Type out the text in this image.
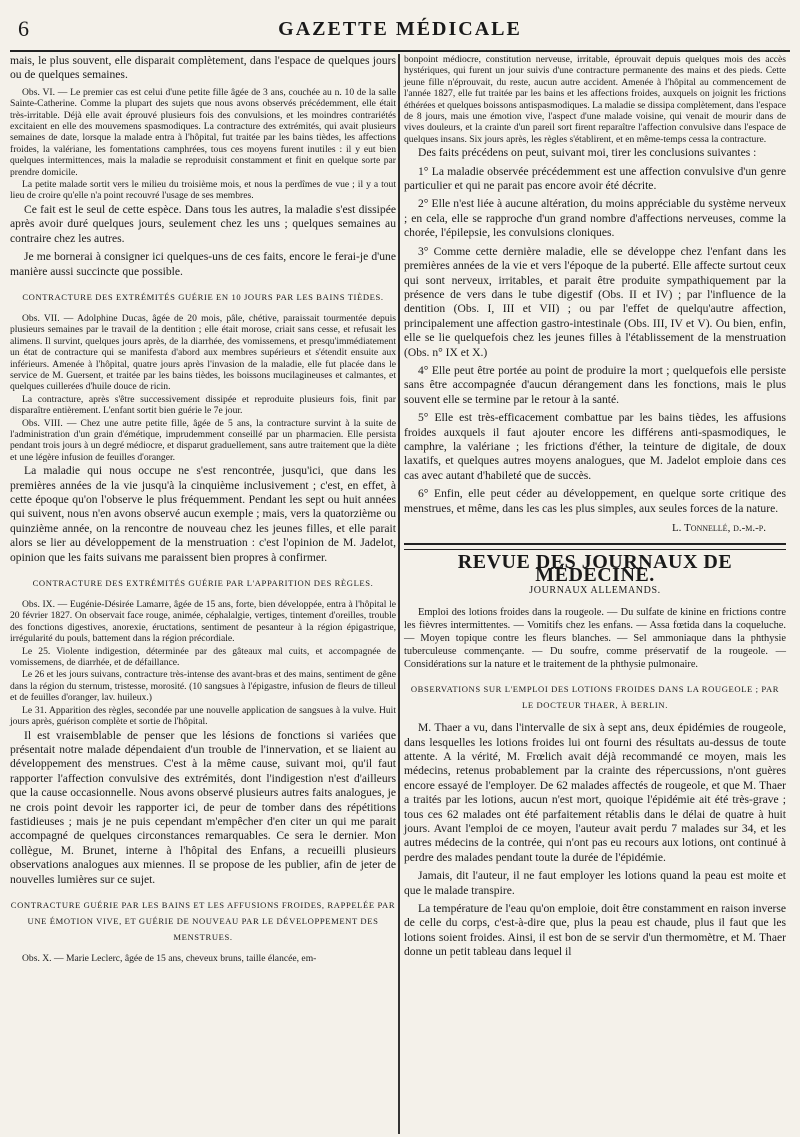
6	GAZETTE MÉDICALE

mais, le plus souvent, elle disparait complètement, dans l'espace de quelques jours ou de quelques semaines.

Obs. VI. — Le premier cas est celui d'une petite fille âgée de 3 ans, couchée au n. 10 de la salle Sainte-Catherine. Comme la plupart des sujets que nous avons observés précédemment, elle était très-irritable. Déjà elle avait éprouvé plusieurs fois des convulsions, et les moindres contrariétés excitaient en elle des mouvemens spasmodiques. La contracture des extrémités, qui avait plusieurs semaines de date, lorsque la malade entra à l'hôpital, fut traitée par les bains tièdes, les affections froides, la valériane, les fomentations camphrées, tous ces moyens furent inutiles : il y eut bien quelques intermittences, mais la maladie se reproduisit constamment et finit en quelque sorte par prendre domicile.

La petite malade sortit vers le milieu du troisième mois, et nous la perdîmes de vue ; il y a tout lieu de croire qu'elle n'a point recouvré l'usage de ses membres.

Ce fait est le seul de cette espèce. Dans tous les autres, la maladie s'est dissipée après avoir duré quelques jours, seulement chez les uns ; quelques semaines au contraire chez les autres.

Je me bornerai à consigner ici quelques-uns de ces faits, encore le ferai-je d'une manière aussi succincte que possible.

CONTRACTURE DES EXTRÉMITÉS GUÉRIE EN 10 JOURS PAR LES BAINS TIÈDES.

Obs. VII. — Adolphine Ducas, âgée de 20 mois, pâle, chétive, paraissait tourmentée depuis plusieurs semaines par le travail de la dentition ; elle était morose, criait sans cesse, et refusait les alimens. Il survint, quelques jours après, de la diarrhée, des vomissemens, et presqu'immédiatement un état de contracture qui se manifesta d'abord aux membres supérieurs et s'étendit ensuite aux inférieurs. Amenée à l'hôpital, quatre jours après l'invasion de la maladie, elle fut placée dans le service de M. Guersent, et traitée par les bains tièdes, les boissons mucilagineuses et calmantes, et quelques cuillerées d'huile douce de ricin.

La contracture, après s'être successivement dissipée et reproduite plusieurs fois, finit par disparaître entièrement. L'enfant sortit bien guérie le 7e jour.

Obs. VIII. — Chez une autre petite fille, âgée de 5 ans, la contracture survint à la suite de l'administration d'un grain d'émétique, imprudemment conseillé par un pharmacien. Elle persista pendant trois jours à un degré médiocre, et disparut graduellement, sans autre traitement que la diète et une légère infusion de feuilles d'oranger.

La maladie qui nous occupe ne s'est rencontrée, jusqu'ici, que dans les premières années de la vie jusqu'à la cinquième inclusivement ; c'est, en effet, à cette époque qu'on l'observe le plus fréquemment. Pendant les sept ou huit années qui suivent, nous n'en avons observé aucun exemple ; mais, vers la quatorzième ou quinzième année, on la rencontre de nouveau chez les jeunes filles, et elle parait alors se lier au développement de la menstruation : c'est l'opinion de M. Jadelot, opinion que les faits suivans me paraissent bien propres à confirmer.

CONTRACTURE DES EXTRÉMITÉS GUÉRIE PAR L'APPARITION DES RÈGLES.

Obs. IX. — Eugénie-Désirée Lamarre, âgée de 15 ans, forte, bien développée, entra à l'hôpital le 20 février 1827. On observait face rouge, animée, céphalalgie, vertiges, tintement d'oreilles, trouble des fonctions digestives, anorexie, éructations, sentiment de pesanteur à la région épigastrique, irrégularité du pouls, battement dans la région précordiale.

Le 25. Violente indigestion, déterminée par des gâteaux mal cuits, et accompagnée de vomissemens, de diarrhée, et de défaillance.

Le 26 et les jours suivans, contracture très-intense des avant-bras et des mains, sentiment de gêne dans la région du sternum, tristesse, morosité. (10 sangsues à l'épigastre, infusion de fleurs de tilleul et de feuilles d'oranger, lav. huileux.)

Le 31. Apparition des règles, secondée par une nouvelle application de sangsues à la vulve. Huit jours après, guérison complète et sortie de l'hôpital.

Il est vraisemblable de penser que les lésions de fonctions si variées que présentait notre malade dépendaient d'un trouble de l'innervation, et se liaient au développement des menstrues. C'est à la même cause, suivant moi, qu'il faut rapporter l'affection convulsive des extrémités, dont l'indigestion n'est d'ailleurs que la cause occasionnelle. Nous avons observé plusieurs autres faits analogues, je ne crois point devoir les rapporter ici, de peur de tomber dans des répétitions fastidieuses ; mais je ne puis cependant m'empêcher d'en citer un qui me parait accompagné de quelques circonstances remarquables. Ce sera le dernier. Mon collègue, M. Brunet, interne à l'hôpital des Enfans, a recueilli plusieurs observations analogues aux miennes. Il se propose de les publier, afin de jeter de nouvelles lumières sur ce sujet.

CONTRACTURE GUÉRIE PAR LES BAINS ET LES AFFUSIONS FROIDES, RAPPELÉE PAR UNE ÉMOTION VIVE, ET GUÉRIE DE NOUVEAU PAR LE DÉVELOPPEMENT DES MENSTRUES.

Obs. X. — Marie Leclerc, âgée de 15 ans, cheveux bruns, taille élancée, em-

bonpoint médiocre, constitution nerveuse, irritable, éprouvait depuis quelques mois des accès hystériques, qui furent un jour suivis d'une contracture permanente des mains et des pieds. Cette jeune fille n'éprouvait, du reste, aucun autre accident. Amenée à l'hôpital au commencement de l'année 1827, elle fut traitée par les bains et les affections froides, auxquels on joignit les frictions éthérées et quelques boissons antispasmodiques. La maladie se dissipa complètement, dans l'espace de 8 jours, mais une émotion vive, l'aspect d'une malade voisine, qui venait de mourir dans de vives douleurs, et la crainte d'un pareil sort firent reparaître l'affection convulsive dans l'espace de quelques insans. Six jours après, les règles s'établirent, et en même-temps cessa la contracture.

Des faits précédens on peut, suivant moi, tirer les conclusions suivantes :

1° La maladie observée précédemment est une affection convulsive d'un genre particulier et qui ne parait pas encore avoir été décrite.

2° Elle n'est liée à aucune altération, du moins appréciable du système nerveux ; en cela, elle se rapproche d'un grand nombre d'affections nerveuses, comme la chorée, l'épilepsie, les convulsions cloniques.

3° Comme cette dernière maladie, elle se développe chez l'enfant dans les premières années de la vie et vers l'époque de la puberté. Elle affecte surtout ceux qui sont nerveux, irritables, et parait être produite sympathiquement par la présence de vers dans le tube digestif (Obs. II et IV) ; par l'influence de la dentition (Obs. I, III et VII) ; ou par l'effet de quelqu'autre affection, principalement une affection gastro-intestinale (Obs. III, IV et V). Ou bien, enfin, elle se lie quelquefois chez les jeunes filles à l'établissement de la menstruation (Obs. n° IX et X.)

4° Elle peut être portée au point de produire la mort ; quelquefois elle persiste sans être accompagnée d'aucun dérangement dans les fonctions, mais le plus souvent elle se termine par le retour à la santé.

5° Elle est très-efficacement combattue par les bains tièdes, les affusions froides auxquels il faut ajouter encore les différens anti-spasmodiques, le camphre, la valériane ; les frictions d'éther, la teinture de digitale, de doux laxatifs, et quelques autres moyens analogues, que M. Jadelot emploie dans ces cas avec autant d'habileté que de succès.

6° Enfin, elle peut céder au développement, en quelque sorte critique des menstrues, et même, dans les cas les plus simples, aux seules forces de la nature.

L. Tonnellé, d.-m.-p.
REVUE DES JOURNAUX DE MÉDECINE.
JOURNAUX ALLEMANDS.

Emploi des lotions froides dans la rougeole. — Du sulfate de kinine en frictions contre les fièvres intermittentes. — Vomitifs chez les enfans. — Assa fœtida dans la coqueluche. — Moyen topique contre les fleurs blanches. — Sel ammoniaque dans la phthysie tuberculeuse commençante. — Du soufre, comme préservatif de la rougeole. — Considérations sur la nature et le traitement de la phthysie pulmonaire.

OBSERVATIONS SUR L'EMPLOI DES LOTIONS FROIDES DANS LA ROUGEOLE ; PAR LE DOCTEUR THAER, À BERLIN.

M. Thaer a vu, dans l'intervalle de six à sept ans, deux épidémies de rougeole, dans lesquelles les lotions froides lui ont fourni des résultats au-dessus de toute attente. A la vérité, M. Frœlich avait déjà recommandé ce moyen, mais les médecins, retenus probablement par la crainte des répercussions, n'ont guères encore essayé de l'employer. De 62 malades affectés de rougeole, et que M. Thaer a traités par les lotions, aucun n'est mort, quoique l'épidémie ait été très-grave ; tous ces 62 malades ont été parfaitement rétablis dans le délai de quatre à huit jours. Avant l'emploi de ce moyen, l'auteur avait perdu 7 malades sur 34, et les autres médecins de la contrée, qui n'ont pas eu recours aux lotions, ont continué à perdre des malades pendant toute la durée de l'épidémie.

Jamais, dit l'auteur, il ne faut employer les lotions quand la peau est moite et que le malade transpire.

La température de l'eau qu'on emploie, doit être constamment en raison inverse de celle du corps, c'est-à-dire que, plus la peau est chaude, plus il faut que les lotions soient froides. Ainsi, il est bon de se servir d'un thermomètre, et M. Thaer donne un petit tableau dans lequel il
